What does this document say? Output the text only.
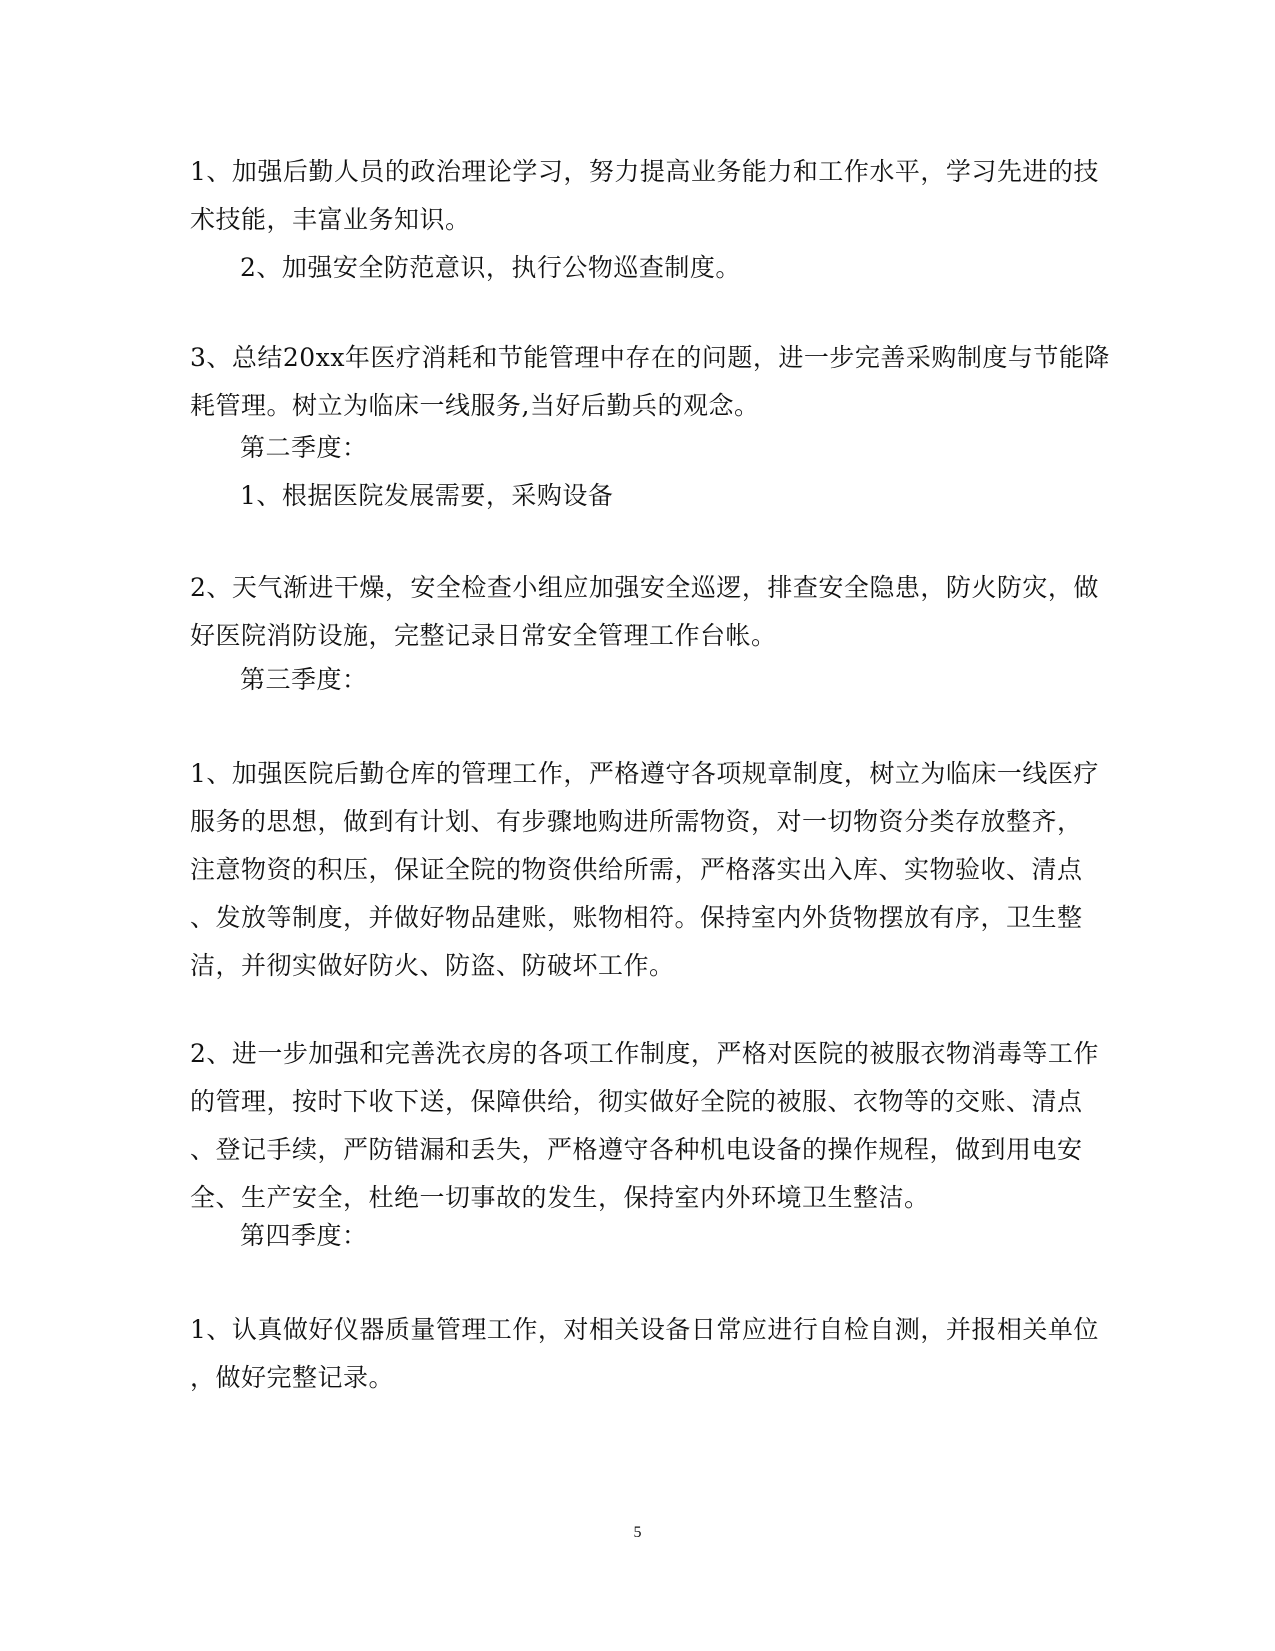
1、加强后勤人员的政治理论学习，努力提高业务能力和工作水平，学习先进的技
术技能，丰富业务知识。
2、加强安全防范意识，执行公物巡查制度。
3、总结20xx年医疗消耗和节能管理中存在的问题，进一步完善采购制度与节能降
耗管理。树立为临床一线服务,当好后勤兵的观念。
第二季度：
1、根据医院发展需要，采购设备
2、天气渐进干燥，安全检查小组应加强安全巡逻，排查安全隐患，防火防灾，做
好医院消防设施，完整记录日常安全管理工作台帐。
第三季度：
1、加强医院后勤仓库的管理工作，严格遵守各项规章制度，树立为临床一线医疗
服务的思想，做到有计划、有步骤地购进所需物资，对一切物资分类存放整齐，
注意物资的积压，保证全院的物资供给所需，严格落实出入库、实物验收、清点
、发放等制度，并做好物品建账，账物相符。保持室内外货物摆放有序，卫生整
洁，并彻实做好防火、防盗、防破坏工作。
2、进一步加强和完善洗衣房的各项工作制度，严格对医院的被服衣物消毒等工作
的管理，按时下收下送，保障供给，彻实做好全院的被服、衣物等的交账、清点
、登记手续，严防错漏和丢失，严格遵守各种机电设备的操作规程，做到用电安
全、生产安全，杜绝一切事故的发生，保持室内外环境卫生整洁。
第四季度：
1、认真做好仪器质量管理工作，对相关设备日常应进行自检自测，并报相关单位
，做好完整记录。
5
